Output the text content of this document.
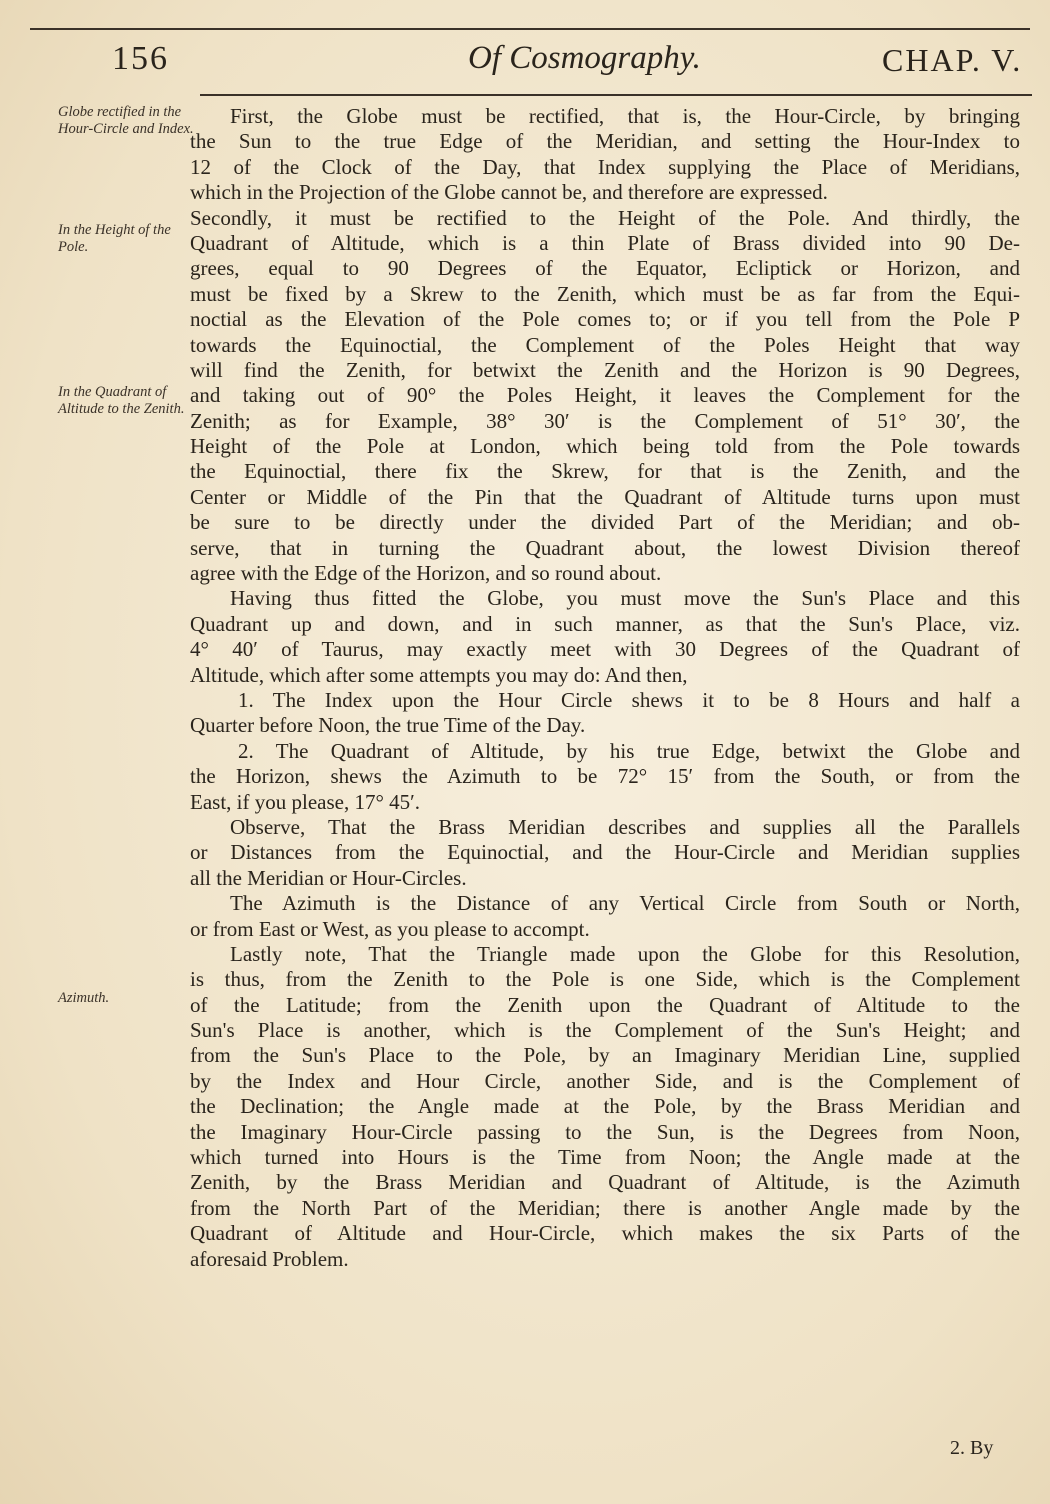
156	Of Cosmography.	CHAP. V.
Globe rectified in the Hour-Circle and Index.
In the Height of the Pole.
In the Quadrant of Altitude to the Zenith.
Azimuth.
First, the Globe must be rectified, that is, the Hour-Circle, by bringing
the Sun to the true Edge of the Meridian, and setting the Hour-Index to
12 of the Clock of the Day, that Index supplying the Place of Meridians,
which in the Projection of the Globe cannot be, and therefore are expressed.
Secondly, it must be rectified to the Height of the Pole. And thirdly, the
Quadrant of Altitude, which is a thin Plate of Brass divided into 90 De-
grees, equal to 90 Degrees of the Equator, Ecliptick or Horizon, and
must be fixed by a Skrew to the Zenith, which must be as far from the Equi-
noctial as the Elevation of the Pole comes to; or if you tell from the Pole P
towards the Equinoctial, the Complement of the Poles Height that way
will find the Zenith, for betwixt the Zenith and the Horizon is 90 Degrees,
and taking out of 90° the Poles Height, it leaves the Complement for the
Zenith; as for Example, 38° 30′ is the Complement of 51° 30′, the
Height of the Pole at London, which being told from the Pole towards
the Equinoctial, there fix the Skrew, for that is the Zenith, and the
Center or Middle of the Pin that the Quadrant of Altitude turns upon must
be sure to be directly under the divided Part of the Meridian; and ob-
serve, that in turning the Quadrant about, the lowest Division thereof
agree with the Edge of the Horizon, and so round about.
Having thus fitted the Globe, you must move the Sun's Place and this
Quadrant up and down, and in such manner, as that the Sun's Place, viz.
4° 40′ of Taurus, may exactly meet with 30 Degrees of the Quadrant of
Altitude, which after some attempts you may do: And then,
1. The Index upon the Hour Circle shews it to be 8 Hours and half a
Quarter before Noon, the true Time of the Day.
2. The Quadrant of Altitude, by his true Edge, betwixt the Globe and
the Horizon, shews the Azimuth to be 72° 15′ from the South, or from the
East, if you please, 17° 45′.
Observe, That the Brass Meridian describes and supplies all the Parallels
or Distances from the Equinoctial, and the Hour-Circle and Meridian supplies
all the Meridian or Hour-Circles.
The Azimuth is the Distance of any Vertical Circle from South or North,
or from East or West, as you please to accompt.
Lastly note, That the Triangle made upon the Globe for this Resolution,
is thus, from the Zenith to the Pole is one Side, which is the Complement
of the Latitude; from the Zenith upon the Quadrant of Altitude to the
Sun's Place is another, which is the Complement of the Sun's Height; and
from the Sun's Place to the Pole, by an Imaginary Meridian Line, supplied
by the Index and Hour Circle, another Side, and is the Complement of
the Declination; the Angle made at the Pole, by the Brass Meridian and
the Imaginary Hour-Circle passing to the Sun, is the Degrees from Noon,
which turned into Hours is the Time from Noon; the Angle made at the
Zenith, by the Brass Meridian and Quadrant of Altitude, is the Azimuth
from the North Part of the Meridian; there is another Angle made by the
Quadrant of Altitude and Hour-Circle, which makes the six Parts of the
aforesaid Problem.
2. By
